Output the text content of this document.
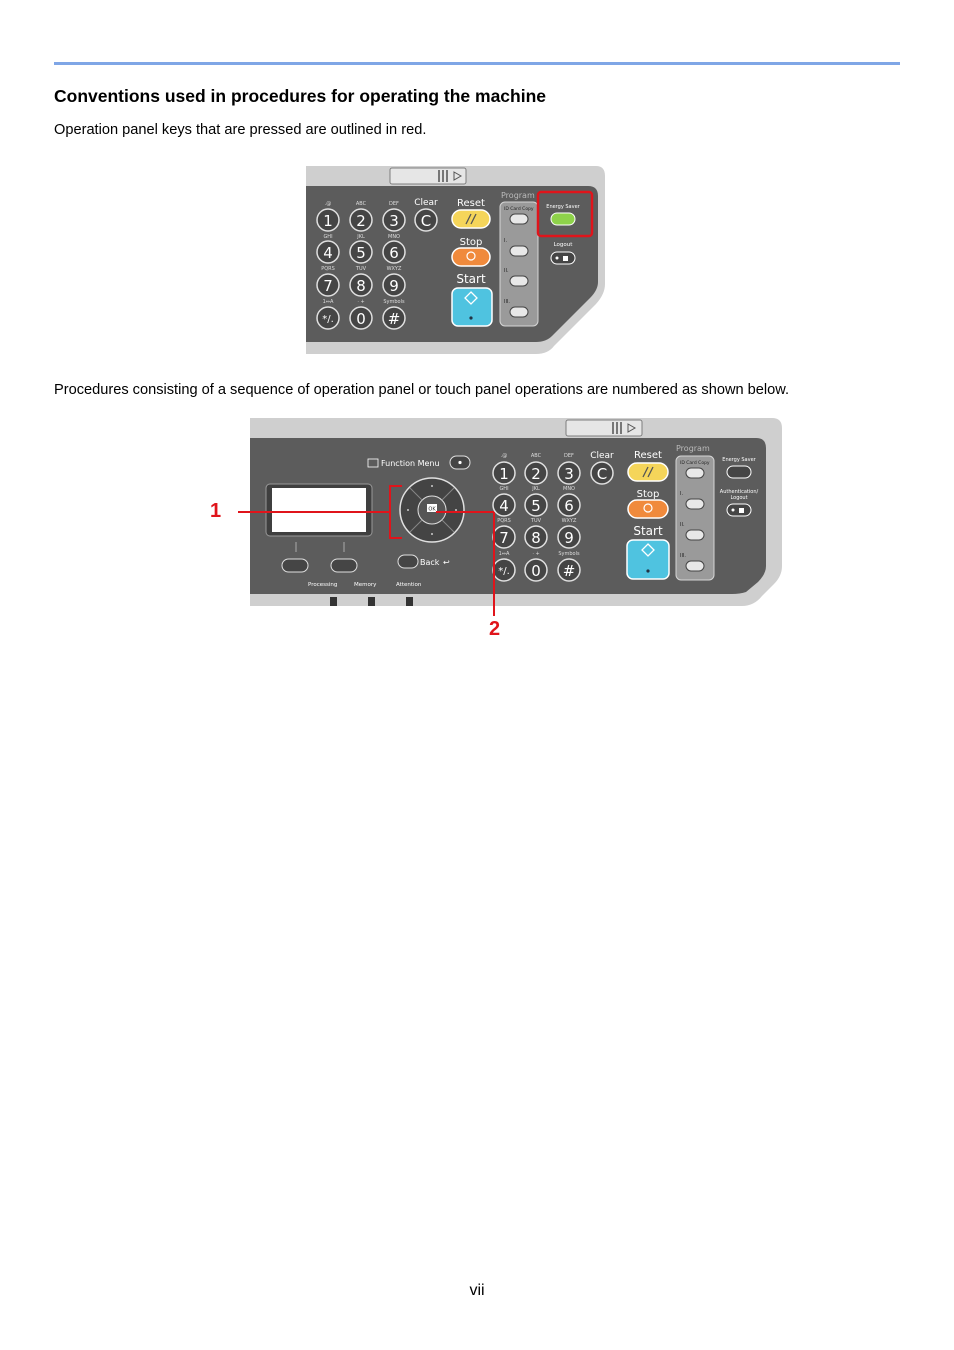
Conventions used in procedures for operating the machine

Operation panel keys that are pressed are outlined in red.

.@
1
ABC
2
DEF
3
GHI
4
JKL
5
MNO
6
PQRS
7
TUV
8
WXYZ
9
1⇔A
*/.
· +
0
Symbols
#
Clear
C
Reset
Stop
Start
Program
ID Card Copy
I.
II.
III.
Energy Saver
Logout

Procedures consisting of a sequence of operation panel or touch panel operations are numbered as shown below.

Function Menu
OK
Back ↩
Processing	Memory	Attention
.@
1
ABC
2
DEF
3
GHI
4
JKL
5
MNO
6
PQRS
7
TUV
8
WXYZ
9
1⇔A
*/.
· +
0
Symbols
#
Clear
C
Reset
Stop
Start
Program
ID Card Copy
I.
II.
III.
Energy Saver
Authentication/
Logout
1
2
vii
